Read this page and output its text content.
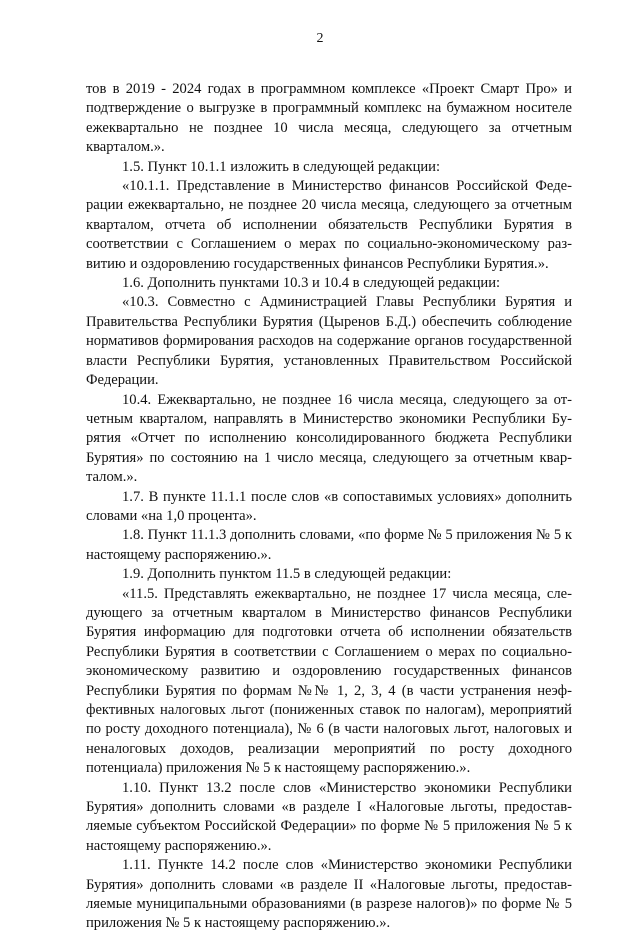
2

тов в 2019 - 2024 годах в программном комплексе «Проект Смарт Про» и подтверждение о выгрузке в программный комплекс на бумажном носителе ежеквартально не позднее 10 числа месяца, следующего за отчетным кварталом.».

1.5. Пункт 10.1.1 изложить в следующей редакции:

«10.1.1. Представление в Министерство финансов Российской Федерации ежеквартально, не позднее 20 числа месяца, следующего за отчетным кварталом, отчета об исполнении обязательств Республики Бурятия в соответствии с Соглашением о мерах по социально-экономическому развитию и оздоровлению государственных финансов Республики Бурятия.».

1.6. Дополнить пунктами 10.3 и 10.4 в следующей редакции:

«10.3. Совместно с Администрацией Главы Республики Бурятия и Правительства Республики Бурятия (Цыренов Б.Д.) обеспечить соблюдение нормативов формирования расходов на содержание органов государственной власти Республики Бурятия, установленных Правительством Российской Федерации.

10.4. Ежеквартально, не позднее 16 числа месяца, следующего за отчетным кварталом, направлять в Министерство экономики Республики Бурятия «Отчет по исполнению консолидированного бюджета Республики Бурятия» по состоянию на 1 число месяца, следующего за отчетным кварталом.».

1.7. В пункте 11.1.1 после слов «в сопоставимых условиях» дополнить словами «на 1,0 процента».

1.8. Пункт 11.1.3 дополнить словами, «по форме № 5 приложения № 5 к настоящему распоряжению.».

1.9. Дополнить пунктом 11.5 в следующей редакции:

«11.5. Представлять ежеквартально, не позднее 17 числа месяца, следующего за отчетным кварталом в Министерство финансов Республики Бурятия информацию для подготовки отчета об исполнении обязательств Республики Бурятия в соответствии с Соглашением о мерах по социально-экономическому развитию и оздоровлению государственных финансов Республики Бурятия по формам №№ 1, 2, 3, 4 (в части устранения неэффективных налоговых льгот (пониженных ставок по налогам), мероприятий по росту доходного потенциала), № 6 (в части налоговых льгот, налоговых и неналоговых доходов, реализации мероприятий по росту доходного потенциала) приложения № 5 к настоящему распоряжению.».

1.10. Пункт 13.2 после слов «Министерство экономики Республики Бурятия» дополнить словами «в разделе I «Налоговые льготы, предоставляемые субъектом Российской Федерации» по форме № 5 приложения № 5 к настоящему распоряжению.».

1.11. Пункте 14.2 после слов «Министерство экономики Республики Бурятия» дополнить словами «в разделе II «Налоговые льготы, предоставляемые муниципальными образованиями (в разрезе налогов)» по форме № 5 приложения № 5 к настоящему распоряжению.».
